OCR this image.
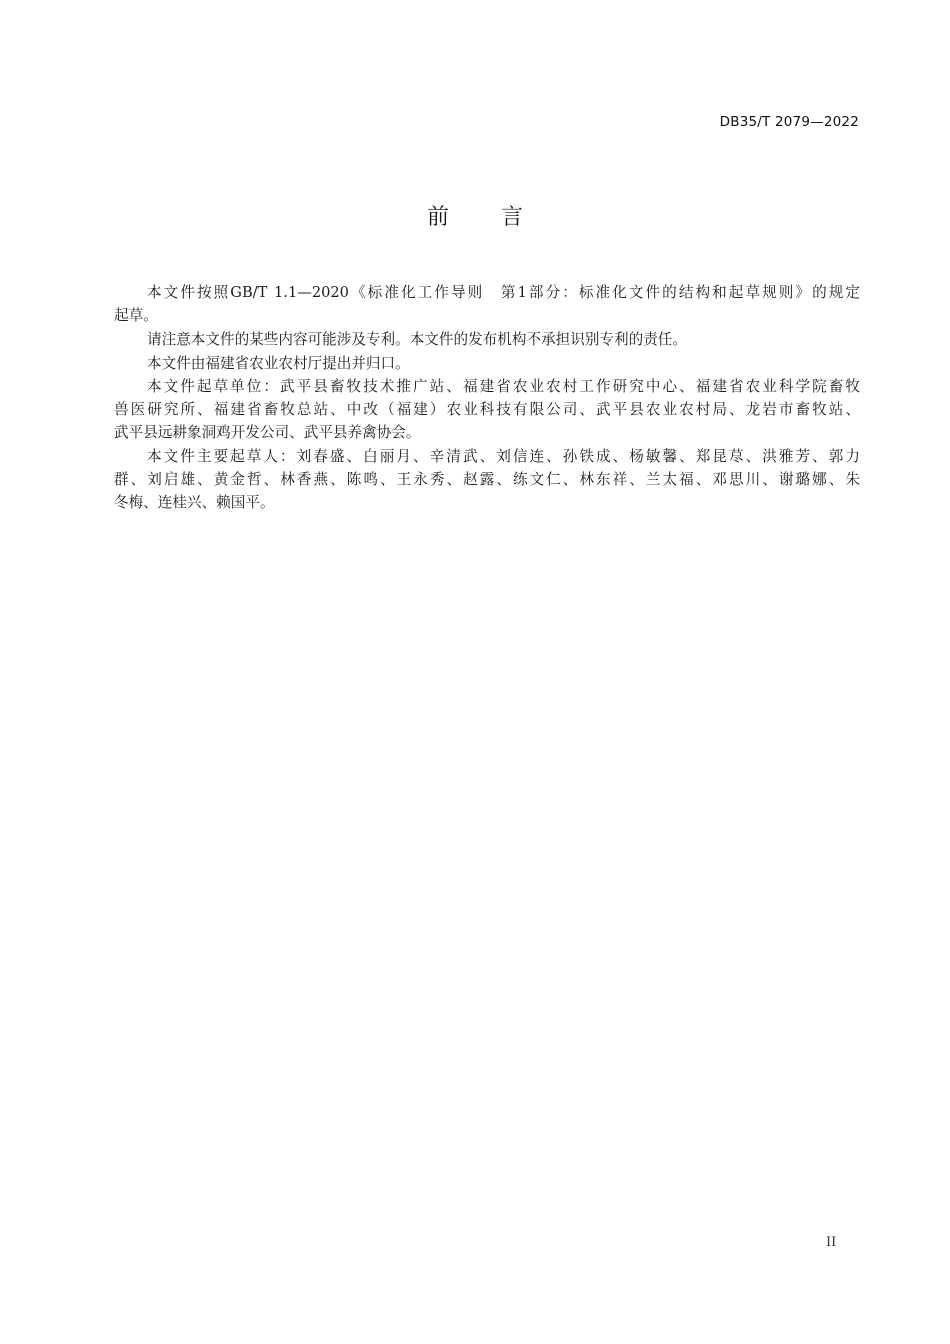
DB35/T 2079—2022
前 言
本文件按照GB/T 1.1—2020《标准化工作导则　第1部分：标准化文件的结构和起草规则》的规定
起草。
请注意本文件的某些内容可能涉及专利。本文件的发布机构不承担识别专利的责任。
本文件由福建省农业农村厅提出并归口。
本文件起草单位：武平县畜牧技术推广站、福建省农业农村工作研究中心、福建省农业科学院畜牧
兽医研究所、福建省畜牧总站、中改（福建）农业科技有限公司、武平县农业农村局、龙岩市畜牧站、
武平县远耕象洞鸡开发公司、武平县养禽协会。
本文件主要起草人：刘春盛、白丽月、辛清武、刘信连、孙铁成、杨敏馨、郑昆荩、洪雅芳、郭力
群、刘启雄、黄金哲、林香燕、陈鸣、王永秀、赵露、练文仁、林东祥、兰太福、邓思川、谢璐娜、朱
冬梅、连桂兴、赖国平。
II
